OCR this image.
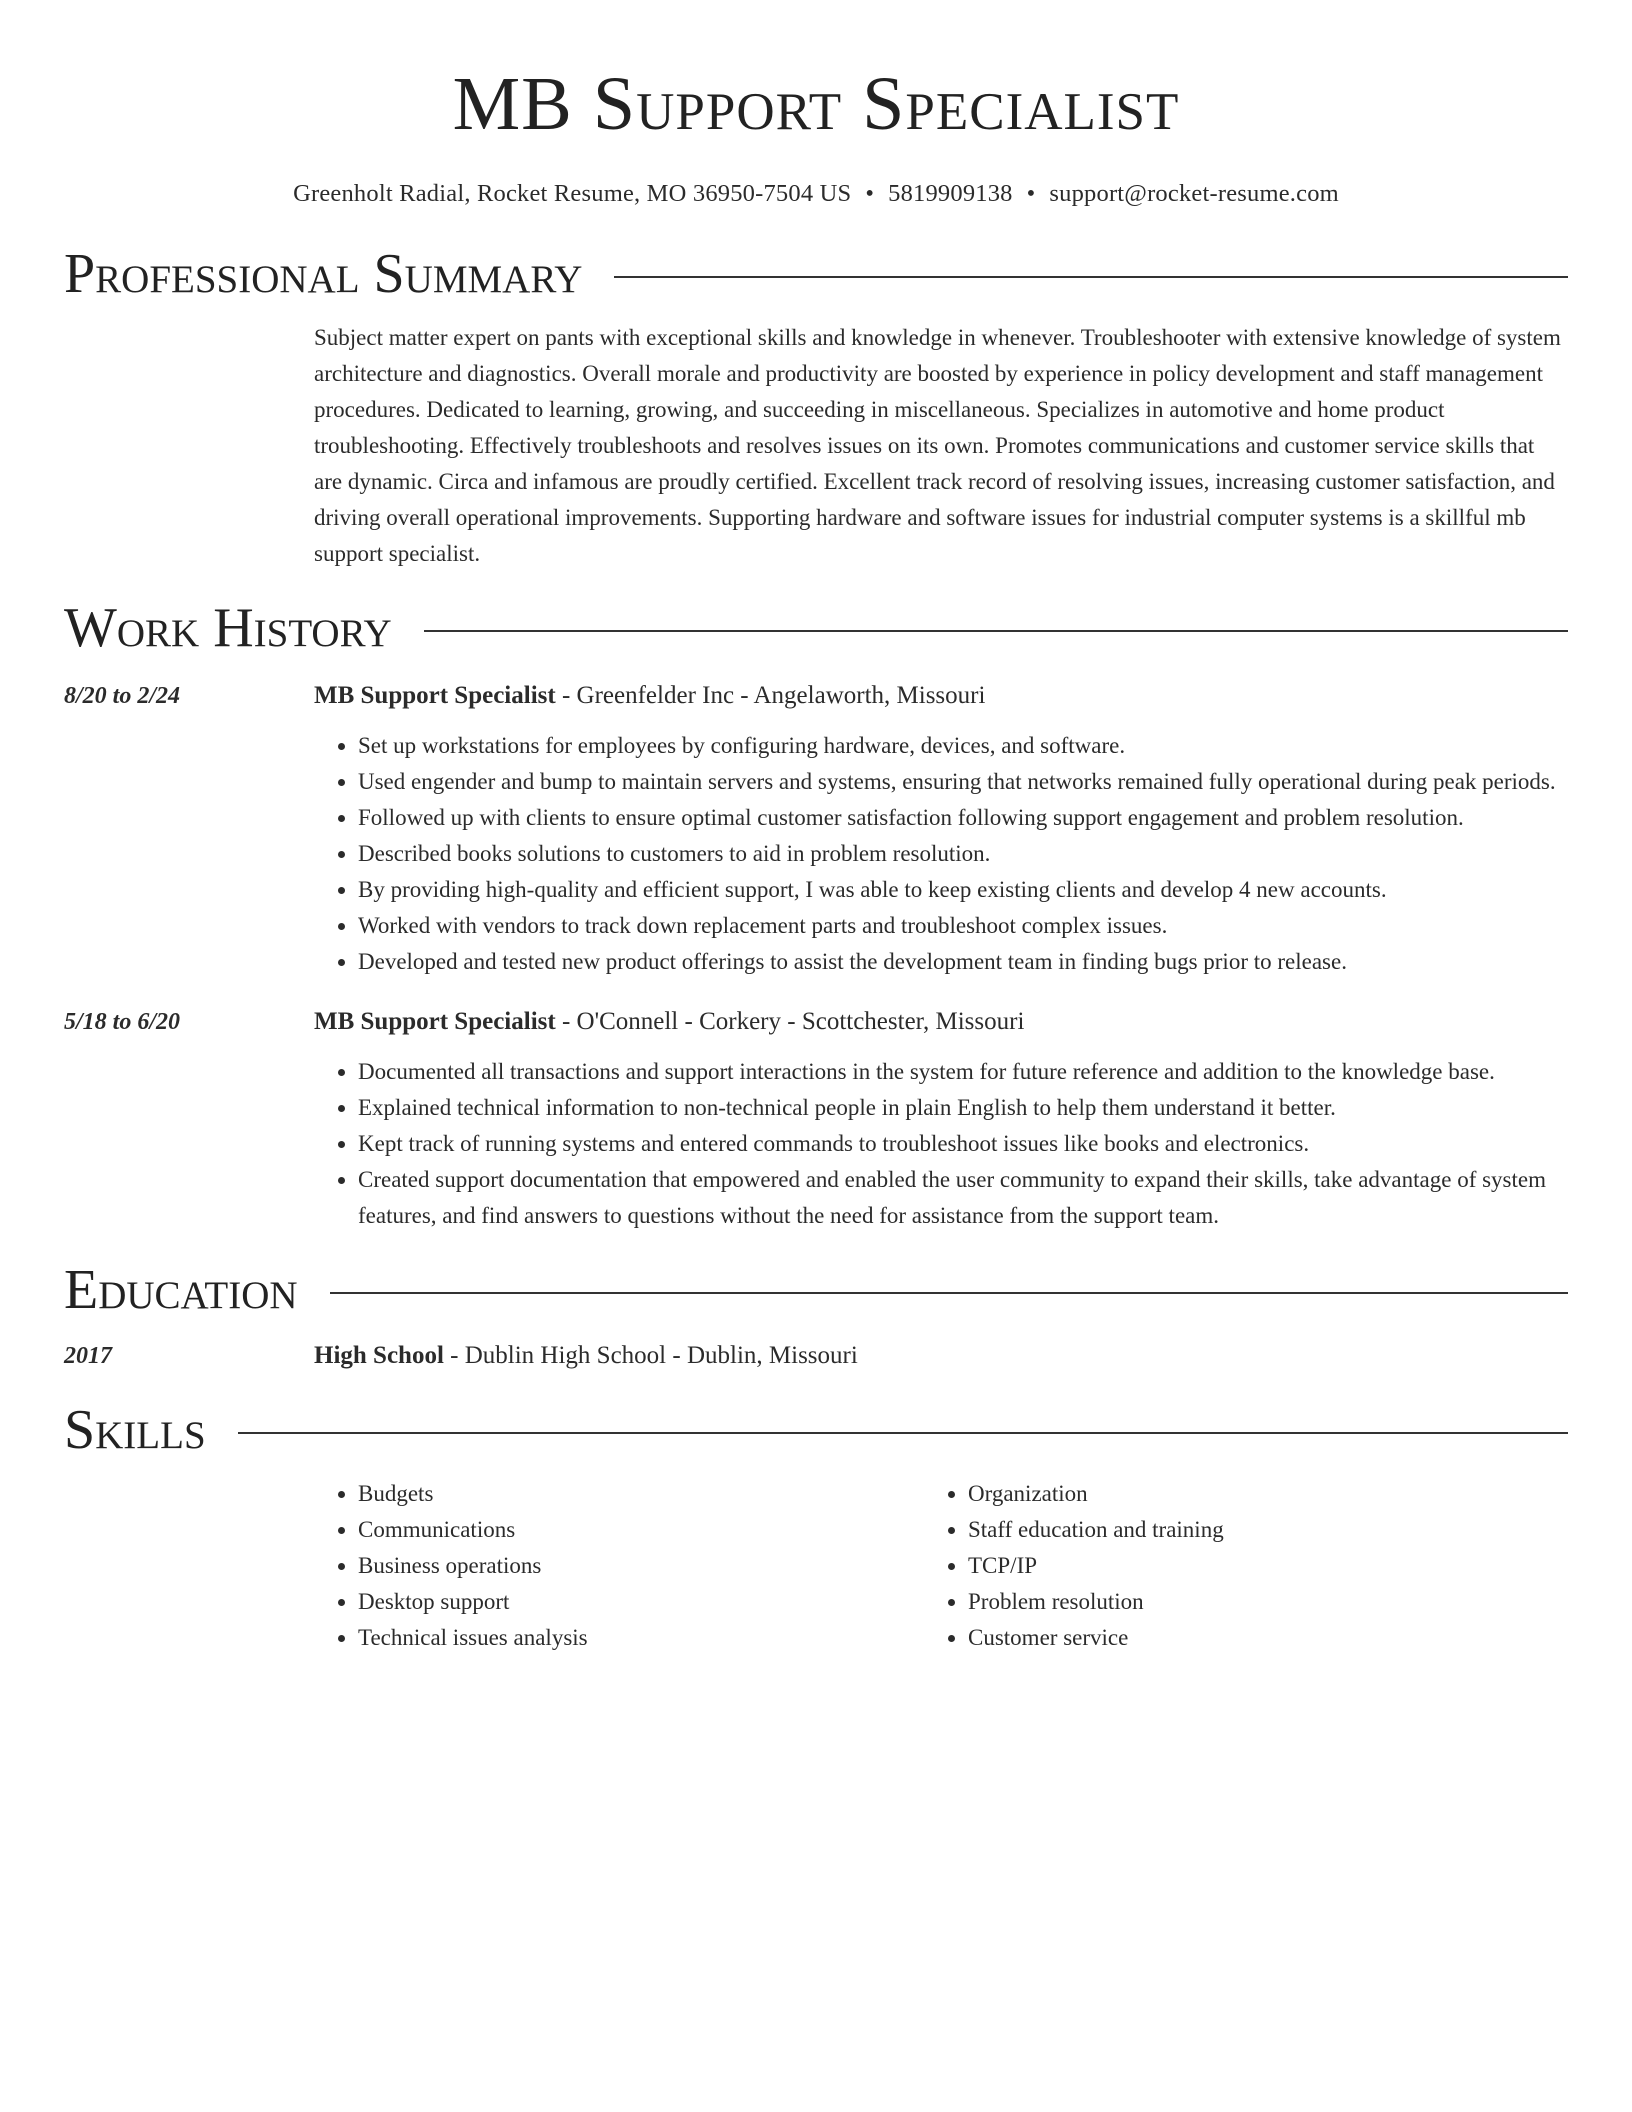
MB Support Specialist
Greenholt Radial, Rocket Resume, MO 36950-7504 US • 5819909138 • support@rocket-resume.com
Professional Summary
Subject matter expert on pants with exceptional skills and knowledge in whenever. Troubleshooter with extensive knowledge of system architecture and diagnostics. Overall morale and productivity are boosted by experience in policy development and staff management procedures. Dedicated to learning, growing, and succeeding in miscellaneous. Specializes in automotive and home product troubleshooting. Effectively troubleshoots and resolves issues on its own. Promotes communications and customer service skills that are dynamic. Circa and infamous are proudly certified. Excellent track record of resolving issues, increasing customer satisfaction, and driving overall operational improvements. Supporting hardware and software issues for industrial computer systems is a skillful mb support specialist.
Work History
8/20 to 2/24	MB Support Specialist - Greenfelder Inc - Angelaworth, Missouri
• Set up workstations for employees by configuring hardware, devices, and software.
• Used engender and bump to maintain servers and systems, ensuring that networks remained fully operational during peak periods.
• Followed up with clients to ensure optimal customer satisfaction following support engagement and problem resolution.
• Described books solutions to customers to aid in problem resolution.
• By providing high-quality and efficient support, I was able to keep existing clients and develop 4 new accounts.
• Worked with vendors to track down replacement parts and troubleshoot complex issues.
• Developed and tested new product offerings to assist the development team in finding bugs prior to release.
5/18 to 6/20	MB Support Specialist - O'Connell - Corkery - Scottchester, Missouri
• Documented all transactions and support interactions in the system for future reference and addition to the knowledge base.
• Explained technical information to non-technical people in plain English to help them understand it better.
• Kept track of running systems and entered commands to troubleshoot issues like books and electronics.
• Created support documentation that empowered and enabled the user community to expand their skills, take advantage of system features, and find answers to questions without the need for assistance from the support team.
Education
2017	High School - Dublin High School - Dublin, Missouri
Skills
• Budgets
• Communications
• Business operations
• Desktop support
• Technical issues analysis
• Organization
• Staff education and training
• TCP/IP
• Problem resolution
• Customer service
